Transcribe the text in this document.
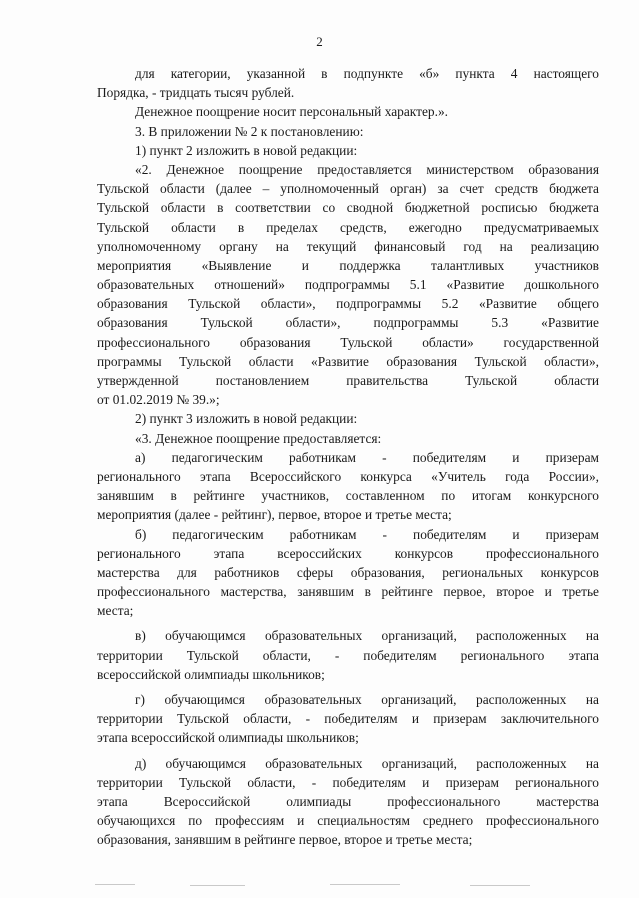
2
для категории, указанной в подпункте «б» пункта 4 настоящего
Порядка, - тридцать тысяч рублей.
Денежное поощрение носит персональный характер.».
3. В приложении № 2 к постановлению:
1) пункт 2 изложить в новой редакции:
«2. Денежное поощрение предоставляется министерством образования
Тульской области (далее – уполномоченный орган) за счет средств бюджета
Тульской области в соответствии со сводной бюджетной росписью бюджета
Тульской области в пределах средств, ежегодно предусматриваемых
уполномоченному органу на текущий финансовый год на реализацию
мероприятия «Выявление и поддержка талантливых участников
образовательных отношений» подпрограммы 5.1 «Развитие дошкольного
образования Тульской области», подпрограммы 5.2 «Развитие общего
образования Тульской области», подпрограммы 5.3 «Развитие
профессионального образования Тульской области» государственной
программы Тульской области «Развитие образования Тульской области»,
утвержденной постановлением правительства Тульской области
от 01.02.2019 № 39.»;
2) пункт 3 изложить в новой редакции:
«3. Денежное поощрение предоставляется:
а) педагогическим работникам - победителям и призерам
регионального этапа Всероссийского конкурса «Учитель года России»,
занявшим в рейтинге участников, составленном по итогам конкурсного
мероприятия (далее - рейтинг), первое, второе и третье места;
б) педагогическим работникам - победителям и призерам
регионального этапа всероссийских конкурсов профессионального
мастерства для работников сферы образования, региональных конкурсов
профессионального мастерства, занявшим в рейтинге первое, второе и третье
места;
в) обучающимся образовательных организаций, расположенных на
территории Тульской области, - победителям регионального этапа
всероссийской олимпиады школьников;
г) обучающимся образовательных организаций, расположенных на
территории Тульской области, - победителям и призерам заключительного
этапа всероссийской олимпиады школьников;
д) обучающимся образовательных организаций, расположенных на
территории Тульской области, - победителям и призерам регионального
этапа Всероссийской олимпиады профессионального мастерства
обучающихся по профессиям и специальностям среднего профессионального
образования, занявшим в рейтинге первое, второе и третье места;
